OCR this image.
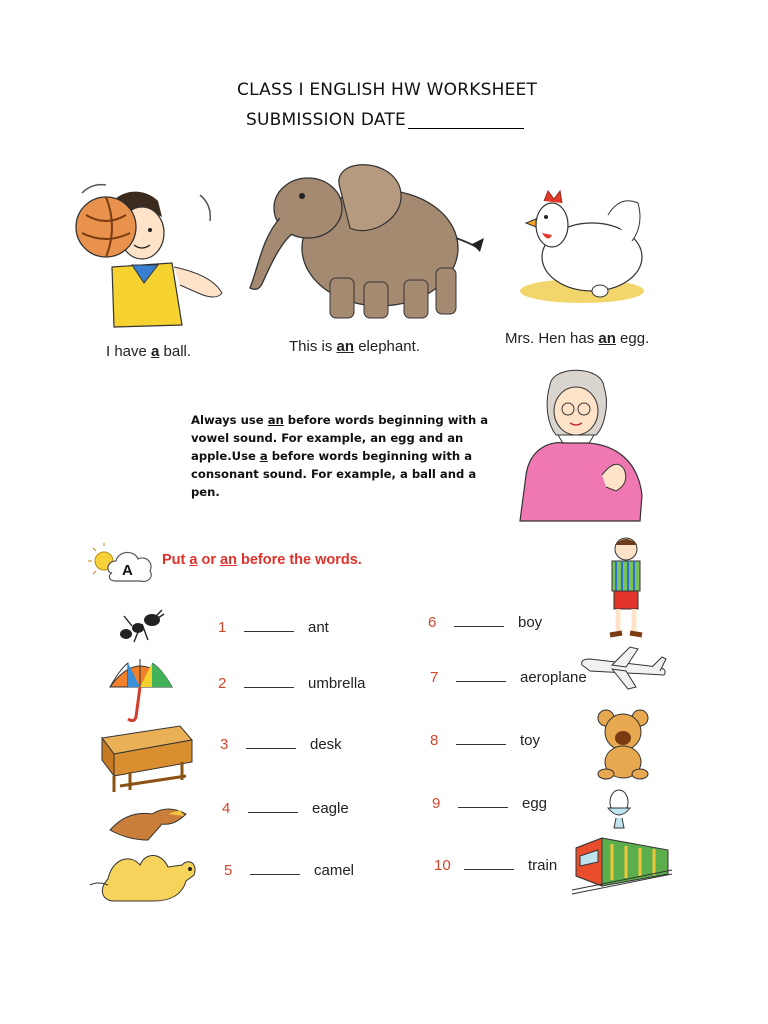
CLASS I ENGLISH HW WORKSHEET
SUBMISSION DATE
I have a ball.	This is an elephant.	Mrs. Hen has an egg.
Always use an before words beginning with a vowel sound. For example, an egg and an apple.Use a before words beginning with a consonant sound. For example, a ball and a pen.
A
Put a or an before the words.
1	ant
2	umbrella
3	desk
4	eagle
5	camel
6	boy
7	aeroplane
8	toy
9	egg
10	train
